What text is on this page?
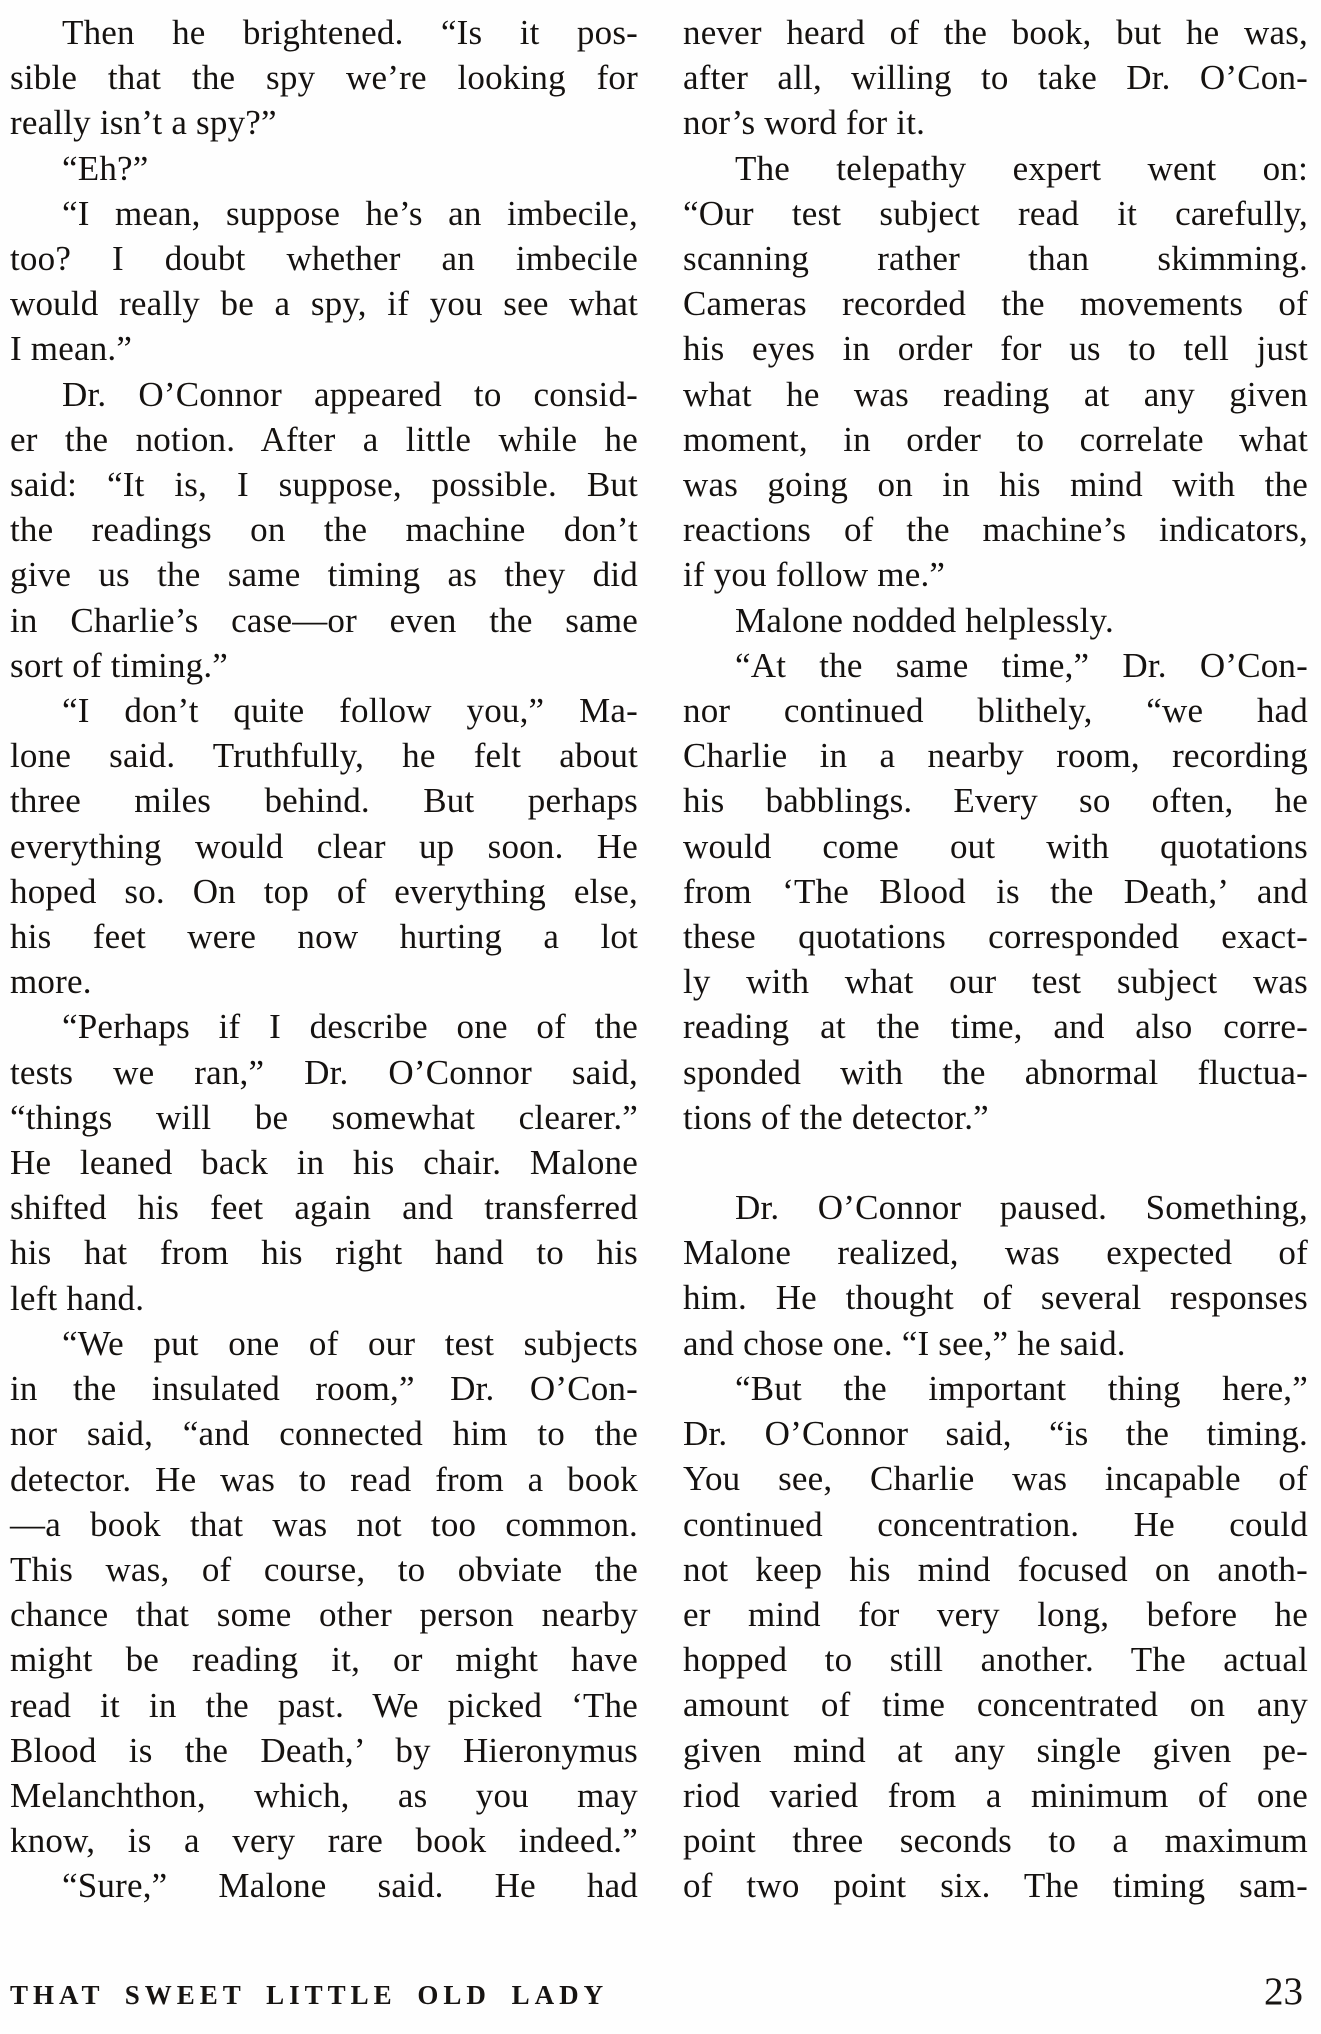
Then he brightened. “Is it pos-
sible that the spy we’re looking for
really isn’t a spy?”
“Eh?”
“I mean, suppose he’s an imbecile,
too? I doubt whether an imbecile
would really be a spy, if you see what
I mean.”
Dr. O’Connor appeared to consid-
er the notion. After a little while he
said: “It is, I suppose, possible. But
the readings on the machine don’t
give us the same timing as they did
in Charlie’s case—or even the same
sort of timing.”
“I don’t quite follow you,” Ma-
lone said. Truthfully, he felt about
three miles behind. But perhaps
everything would clear up soon. He
hoped so. On top of everything else,
his feet were now hurting a lot
more.
“Perhaps if I describe one of the
tests we ran,” Dr. O’Connor said,
“things will be somewhat clearer.”
He leaned back in his chair. Malone
shifted his feet again and transferred
his hat from his right hand to his
left hand.
“We put one of our test subjects
in the insulated room,” Dr. O’Con-
nor said, “and connected him to the
detector. He was to read from a book
—a book that was not too common.
This was, of course, to obviate the
chance that some other person nearby
might be reading it, or might have
read it in the past. We picked ‘The
Blood is the Death,’ by Hieronymus
Melanchthon, which, as you may
know, is a very rare book indeed.”
“Sure,” Malone said. He had
never heard of the book, but he was,
after all, willing to take Dr. O’Con-
nor’s word for it.
The telepathy expert went on:
“Our test subject read it carefully,
scanning rather than skimming.
Cameras recorded the movements of
his eyes in order for us to tell just
what he was reading at any given
moment, in order to correlate what
was going on in his mind with the
reactions of the machine’s indicators,
if you follow me.”
Malone nodded helplessly.
“At the same time,” Dr. O’Con-
nor continued blithely, “we had
Charlie in a nearby room, recording
his babblings. Every so often, he
would come out with quotations
from ‘The Blood is the Death,’ and
these quotations corresponded exact-
ly with what our test subject was
reading at the time, and also corre-
sponded with the abnormal fluctua-
tions of the detector.”
Dr. O’Connor paused. Something,
Malone realized, was expected of
him. He thought of several responses
and chose one. “I see,” he said.
“But the important thing here,”
Dr. O’Connor said, “is the timing.
You see, Charlie was incapable of
continued concentration. He could
not keep his mind focused on anoth-
er mind for very long, before he
hopped to still another. The actual
amount of time concentrated on any
given mind at any single given pe-
riod varied from a minimum of one
point three seconds to a maximum
of two point six. The timing sam-
THAT SWEET LITTLE OLD LADY	23
